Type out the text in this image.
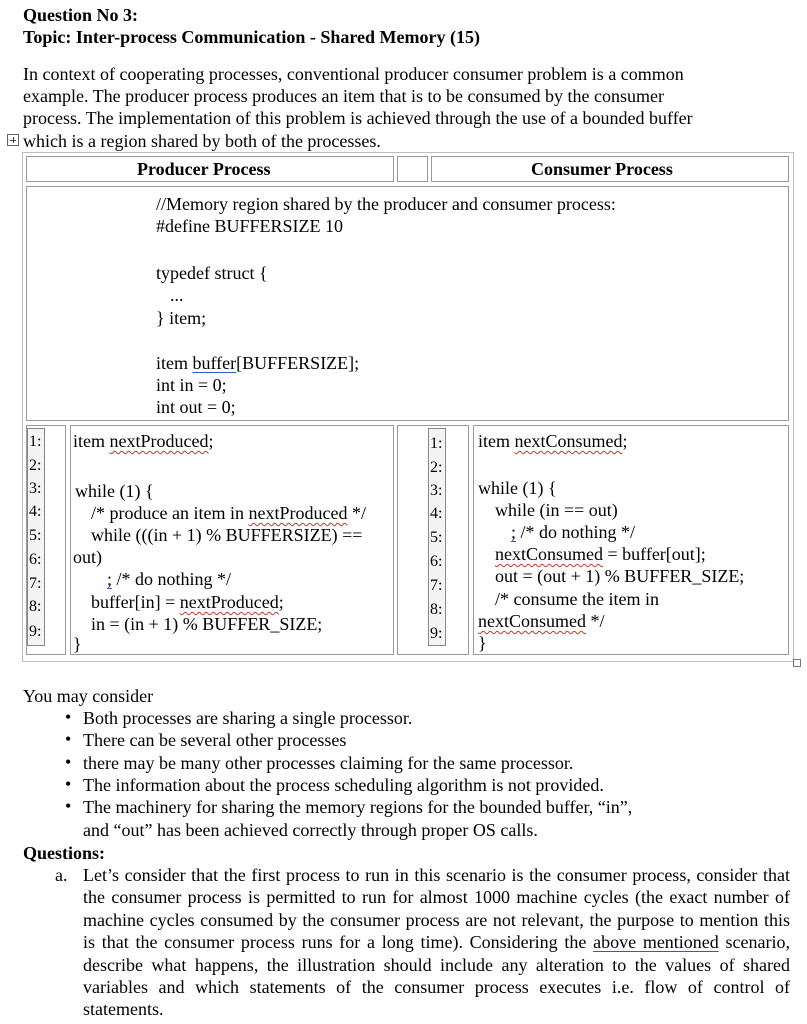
Question No 3:
Topic: Inter-process Communication - Shared Memory (15)
In context of cooperating processes, conventional producer consumer problem is a common
example. The producer process produces an item that is to be consumed by the consumer
process. The implementation of this problem is achieved through the use of a bounded buffer
which is a region shared by both of the processes.
Producer Process	Consumer Process
//Memory region shared by the producer and consumer process:
#define BUFFERSIZE 10
typedef struct {
...
} item;
item buffer[BUFFERSIZE];
int in = 0;
int out = 0;
1:
2:
3:
4:
5:
6:
7:
8:
9:
item nextProduced;
while (1) {
/* produce an item in nextProduced */
while (((in + 1) % BUFFERSIZE) ==
out)
; /* do nothing */
buffer[in] = nextProduced;
in = (in + 1) % BUFFER_SIZE;
}
1:
2:
3:
4:
5:
6:
7:
8:
9:
item nextConsumed;
while (1) {
while (in == out)
; /* do nothing */
nextConsumed = buffer[out];
out = (out + 1) % BUFFER_SIZE;
/* consume the item in
nextConsumed */
}
You may consider
• Both processes are sharing a single processor.
• There can be several other processes
• there may be many other processes claiming for the same processor.
• The information about the process scheduling algorithm is not provided.
• The machinery for sharing the memory regions for the bounded buffer, “in”,
and “out” has been achieved correctly through proper OS calls.
Questions:
a. Let’s consider that the first process to run in this scenario is the consumer process, consider that the consumer process is permitted to run for almost 1000 machine cycles (the exact number of machine cycles consumed by the consumer process are not relevant, the purpose to mention this is that the consumer process runs for a long time). Considering the above mentioned scenario, describe what happens, the illustration should include any alteration to the values of shared variables and which statements of the consumer process executes i.e. flow of control of statements.
